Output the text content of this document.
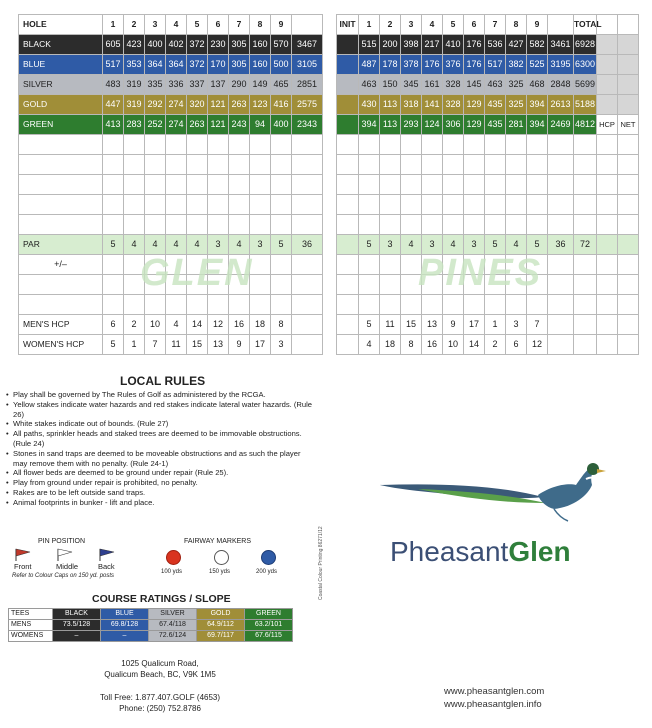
HOLE	1	2	3	4	5	6	7	8	9	
BLACK	605	423	400	402	372	230	305	160	570	3467
BLUE	517	353	364	364	372	170	305	160	500	3105
SILVER	483	319	335	336	337	137	290	149	465	2851
GOLD	447	319	292	274	320	121	263	123	416	2575
GREEN	413	283	252	274	263	121	243	94	400	2343

PAR	5	4	4	4	4	3	4	3	5	36
+/–										

MEN'S HCP	6	2	10	4	14	12	16	18	8	
WOMEN'S HCP	5	1	7	11	15	13	9	17	3	
GLEN
INIT	1	2	3	4	5	6	7	8	9		TOTAL		
	515	200	398	217	410	176	536	427	582	3461	6928		
	487	178	378	176	376	176	517	382	525	3195	6300		
	463	150	345	161	328	145	463	325	468	2848	5699		
	430	113	318	141	328	129	435	325	394	2613	5188		
	394	113	293	124	306	129	435	281	394	2469	4812	HCP	NET

	5	3	4	3	4	3	5	4	5	36	72		

	5	11	15	13	9	17	1	3	7				
	4	18	8	16	10	14	2	6	12				
PINES
LOCAL RULES
• Play shall be governed by The Rules of Golf as administered by the RCGA.
• Yellow stakes indicate water hazards and red stakes indicate lateral water hazards. (Rule 26)
• White stakes indicate out of bounds. (Rule 27)
• All paths, sprinkler heads and staked trees are deemed to be immovable obstructions. (Rule 24)
• Stones in sand traps are deemed to be moveable obstructions and as such the player may remove them with no penalty. (Rule 24-1)
• All flower beds are deemed to be ground under repair (Rule 25).
• Play from ground under repair is prohibited, no penalty.
• Rakes are to be left outside sand traps.
• Animal footprints in bunker - lift and place.
PIN POSITION
Front	Middle	Back
Refer to Colour Caps on 150 yd. posts
FAIRWAY MARKERS
100 yds	150 yds	200 yds
COURSE RATINGS / SLOPE
TEES	BLACK	BLUE	SILVER	GOLD	GREEN
MENS	73.5/128	69.8/128	67.4/118	64.9/112	63.2/101
WOMENS	–	–	72.6/124	69.7/117	67.6/115
1025 Qualicum Road,
Qualicum Beach, BC, V9K 1M5
Toll Free: 1.877.407.GOLF (4653)
Phone: (250) 752.8786
Coastal Colour Printing 86271/12 PheasantGlen
www.pheasantglen.com
www.pheasantglen.info
